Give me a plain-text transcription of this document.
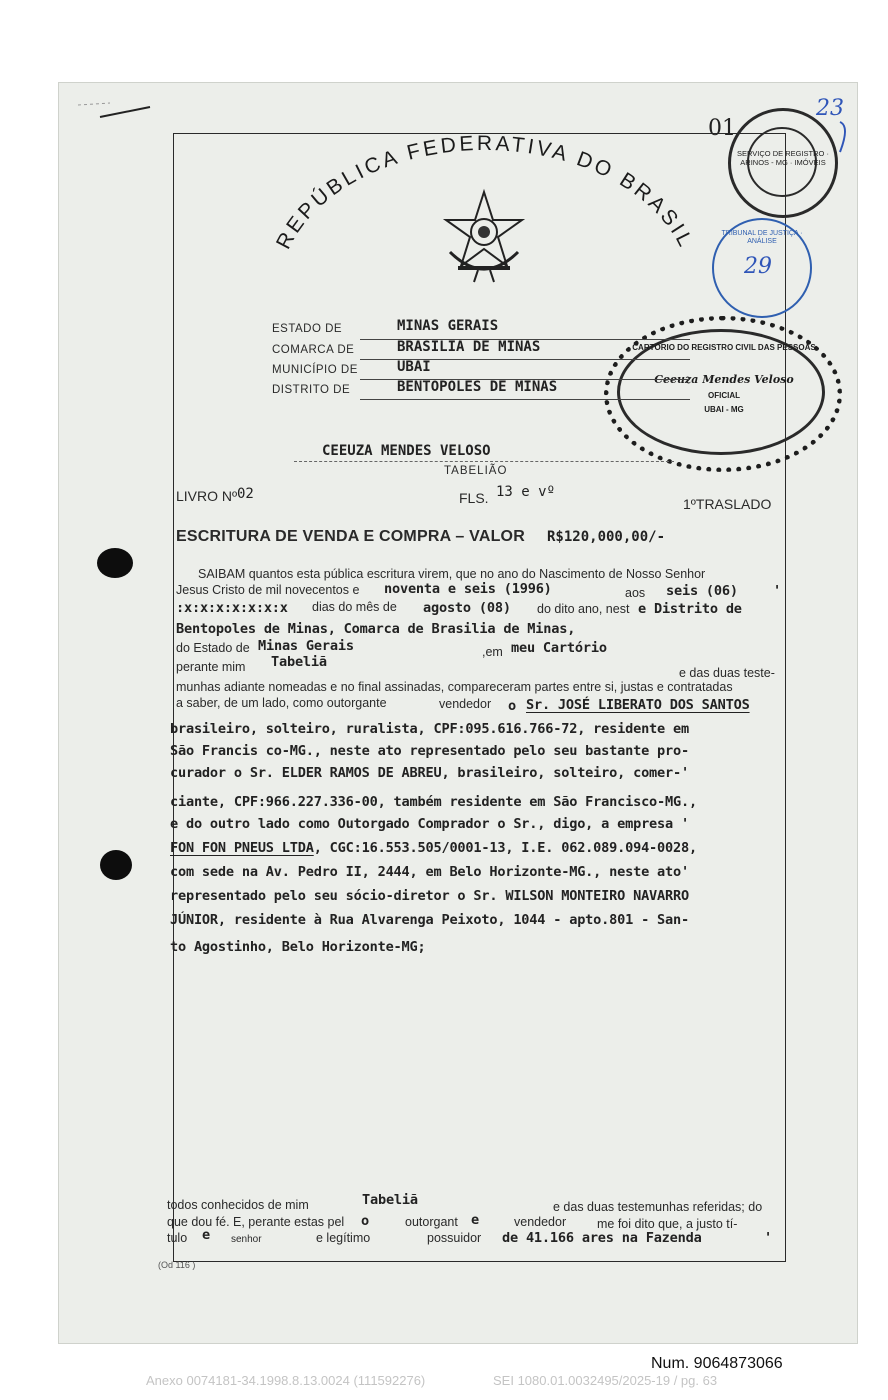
REPÚBLICA FEDERATIVA DO BRASIL
01
23
SERVIÇO DE REGISTRO · ARINOS - MG · IMÓVEIS
TRIBUNAL DE JUSTIÇA · ANÁLISE
29
CARTÓRIO DO REGISTRO CIVIL DAS PESSOAS
Ceeuza Mendes Veloso
OFICIAL
UBAI - MG
ESTADO DE	MINAS GERAIS
COMARCA DE	BRASILIA DE MINAS
MUNICÍPIO DE	UBAI
DISTRITO DE	BENTOPOLES DE MINAS
CEEUZA MENDES VELOSO
TABELIÃO
LIVRO Nº 02	FLS. 13 e vº
1ºTRASLADO
ESCRITURA DE VENDA E COMPRA – VALOR R$120,000,00/-
SAIBAM quantos esta pública escritura virem, que no ano do Nascimento de Nosso Senhor
Jesus Cristo de mil novecentos e noventa e seis (1996)	aos seis (06)	'
:x:x:x:x:x:x:x dias do mês de agosto (08) do dito ano, nest e Distrito de
Bentopoles de Minas, Comarca de Brasilia de Minas,
do Estado de Minas Gerais	,em meu Cartório
perante mim Tabeliã
e das duas teste-
munhas adiante nomeadas e no final assinadas, compareceram partes entre si, justas e contratadas
a saber, de um lado, como outorgante	vendedor o Sr. JOSÉ LIBERATO DOS SANTOS
brasileiro, solteiro, ruralista, CPF:095.616.766-72, residente em
São Francis co-MG., neste ato representado pelo seu bastante pro-
curador o Sr. ELDER RAMOS DE ABREU, brasileiro, solteiro, comer-'
ciante, CPF:966.227.336-00, também residente em São Francisco-MG.,
e do outro lado como Outorgado Comprador o Sr., digo, a empresa '
FON FON PNEUS LTDA, CGC:16.553.505/0001-13, I.E. 062.089.094-0028,
com sede na Av. Pedro II, 2444, em Belo Horizonte-MG., neste ato'
representado pelo seu sócio-diretor o Sr. WILSON MONTEIRO NAVARRO
JÚNIOR, residente à Rua Alvarenga Peixoto, 1044 - apto.801 - San-
to Agostinho, Belo Horizonte-MG;
todos conhecidos de mim	Tabeliã	e das duas testemunhas referidas; do
que dou fé. E, perante estas pel o	outorgant e	vendedor me foi dito que, a justo tí-
tulo e senhor	e legítimo	possuidor de 41.166 ares na Fazenda	'
(Od 116 )
Num. 9064873066
Anexo 0074181-34.1998.8.13.0024 (111592276)	SEI 1080.01.0032495/2025-19 / pg. 63
